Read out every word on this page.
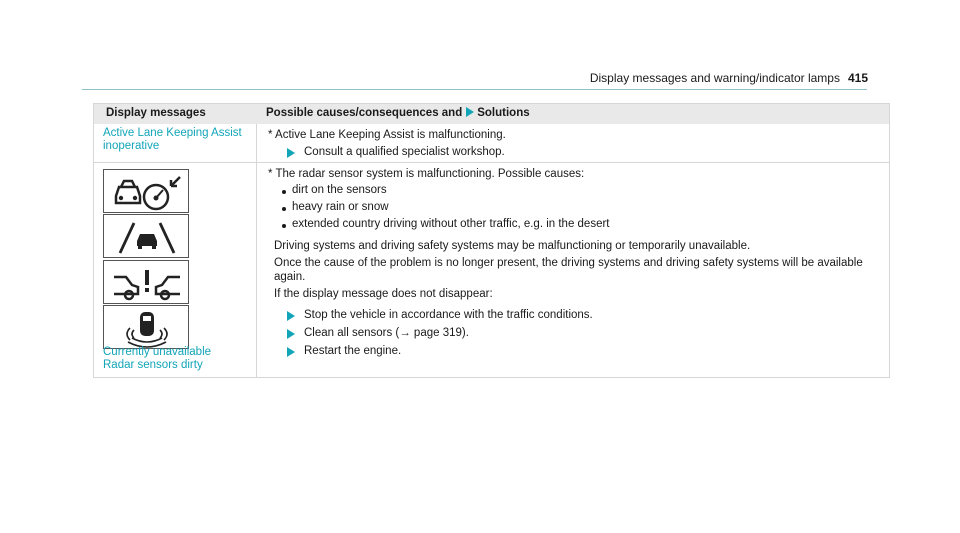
Display messages and warning/indicator lamps 415
Display messages	Possible causes/consequences and Solutions
Active Lane Keeping Assist
inoperative
* Active Lane Keeping Assist is malfunctioning.
Consult a qualified specialist workshop.
Currently unavailable
Radar sensors dirty
* The radar sensor system is malfunctioning. Possible causes:
dirt on the sensors
heavy rain or snow
extended country driving without other traffic, e.g. in the desert
Driving systems and driving safety systems may be malfunctioning or temporarily unavailable.
Once the cause of the problem is no longer present, the driving systems and driving safety systems will be available
again.
If the display message does not disappear:
Stop the vehicle in accordance with the traffic conditions.
Clean all sensors (→ page 319).
Restart the engine.
